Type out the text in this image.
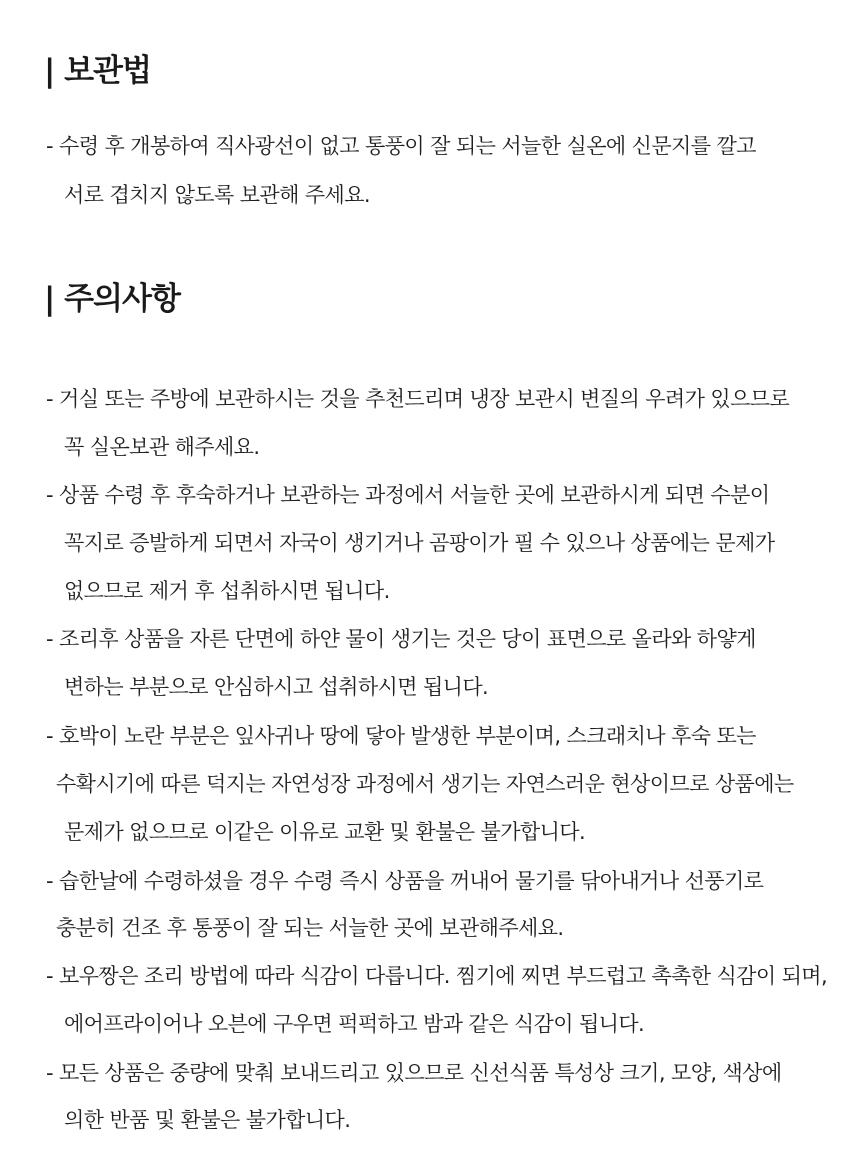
| 보관법

- 수령 후 개봉하여 직사광선이 없고 통풍이 잘 되는 서늘한 실온에 신문지를 깔고

서로 겹치지 않도록 보관해 주세요.

| 주의사항

- 거실 또는 주방에 보관하시는 것을 추천드리며 냉장 보관시 변질의 우려가 있으므로

꼭 실온보관 해주세요.

- 상품 수령 후 후숙하거나 보관하는 과정에서 서늘한 곳에 보관하시게 되면 수분이

꼭지로 증발하게 되면서 자국이 생기거나 곰팡이가 필 수 있으나 상품에는 문제가

없으므로 제거 후 섭취하시면 됩니다.

- 조리후 상품을 자른 단면에 하얀 물이 생기는 것은 당이 표면으로 올라와 하얗게

변하는 부분으로 안심하시고 섭취하시면 됩니다.

- 호박이 노란 부분은 잎사귀나 땅에 닿아 발생한 부분이며, 스크래치나 후숙 또는

수확시기에 따른 덕지는 자연성장 과정에서 생기는 자연스러운 현상이므로 상품에는

문제가 없으므로 이같은 이유로 교환 및 환불은 불가합니다.

- 습한날에 수령하셨을 경우 수령 즉시 상품을 꺼내어 물기를 닦아내거나 선풍기로

충분히 건조 후 통풍이 잘 되는 서늘한 곳에 보관해주세요.

- 보우짱은 조리 방법에 따라 식감이 다릅니다. 찜기에 찌면 부드럽고 촉촉한 식감이 되며,

에어프라이어나 오븐에 구우면 퍽퍽하고 밤과 같은 식감이 됩니다.

- 모든 상품은 중량에 맞춰 보내드리고 있으므로 신선식품 특성상 크기, 모양, 색상에

의한 반품 및 환불은 불가합니다.
